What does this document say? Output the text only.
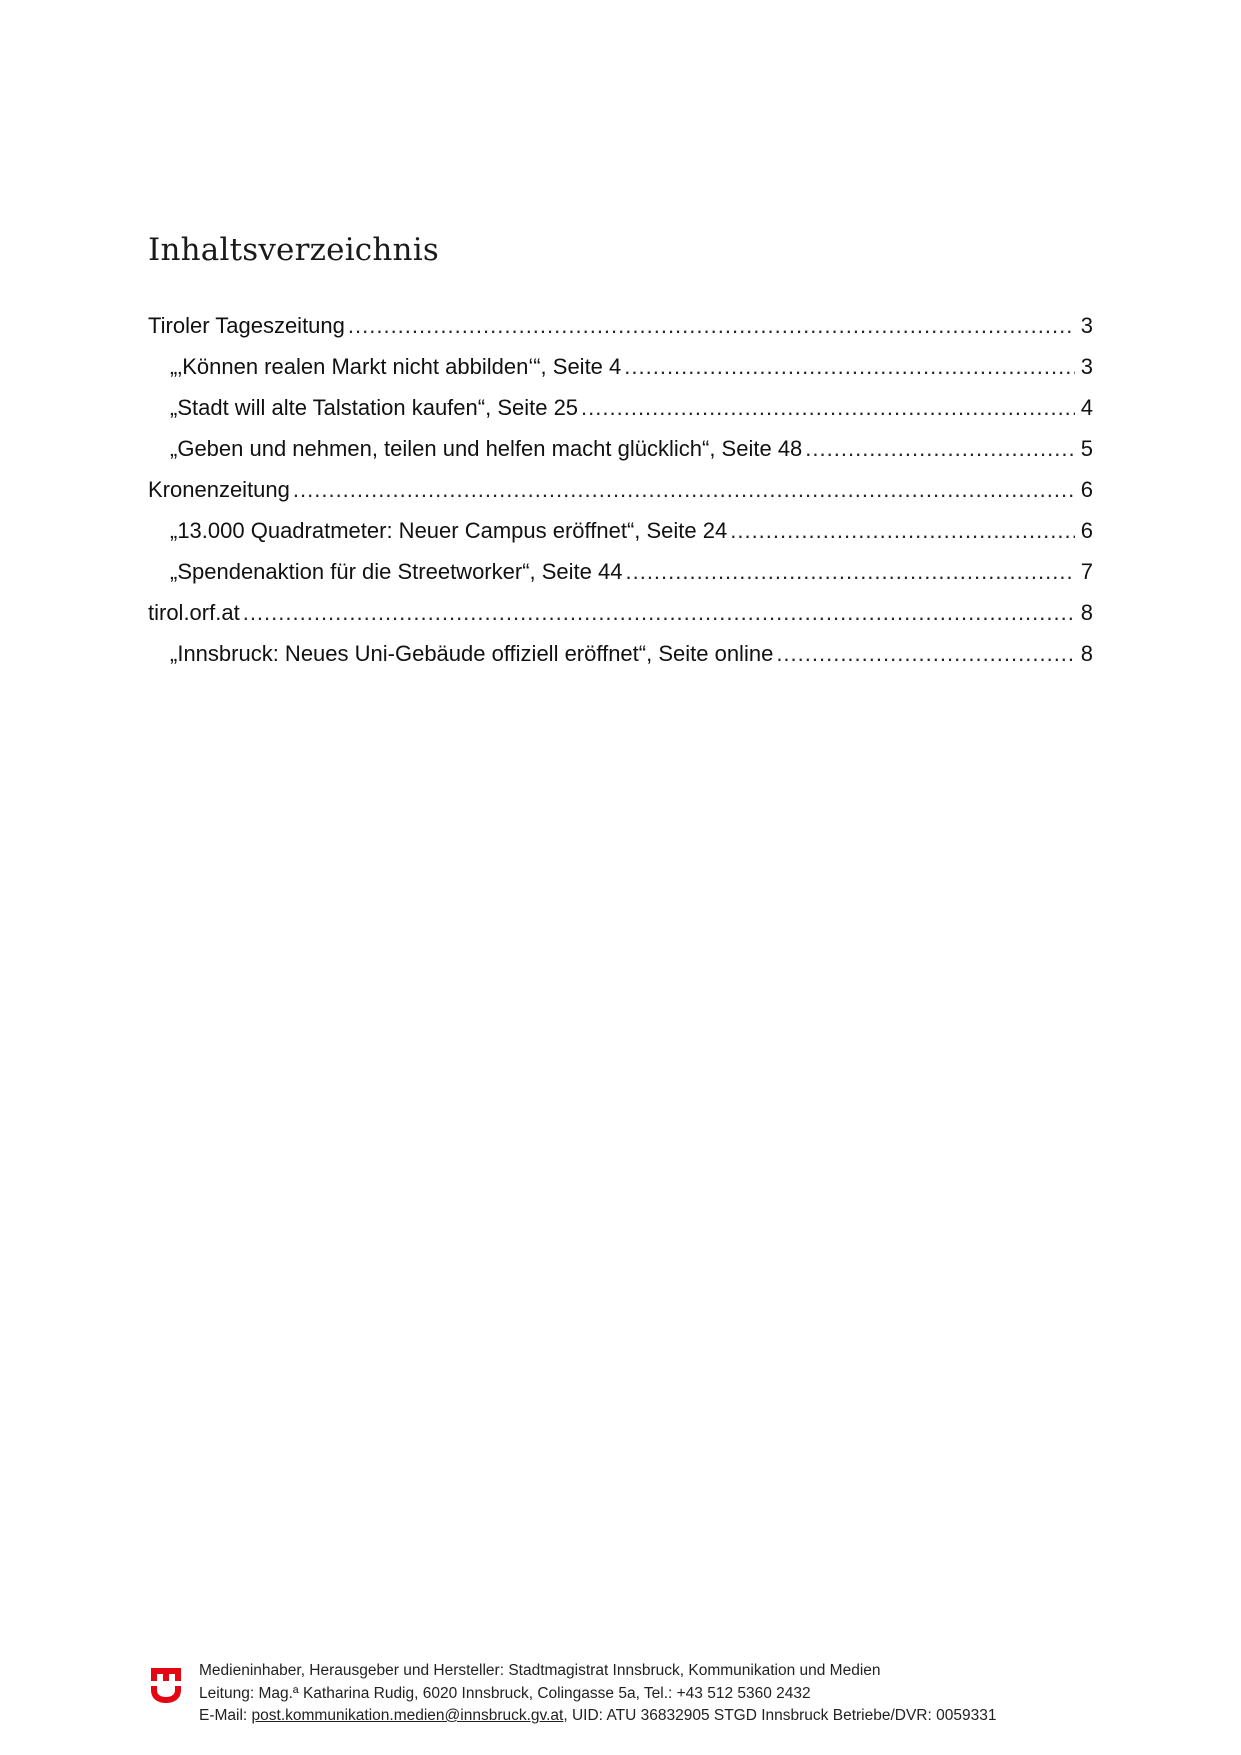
Inhaltsverzeichnis
Tiroler Tageszeitung .....	3
„‚Können realen Markt nicht abbilden‘“, Seite 4 .....	3
„Stadt will alte Talstation kaufen“, Seite 25 .....	4
„Geben und nehmen, teilen und helfen macht glücklich“, Seite 48 .....	5
Kronenzeitung .....	6
„13.000 Quadratmeter: Neuer Campus eröffnet“, Seite 24 .....	6
„Spendenaktion für die Streetworker“, Seite 44 .....	7
tirol.orf.at .....	8
„Innsbruck: Neues Uni-Gebäude offiziell eröffnet“, Seite online .....	8
Medieninhaber, Herausgeber und Hersteller: Stadtmagistrat Innsbruck, Kommunikation und Medien
Leitung: Mag.ª Katharina Rudig, 6020 Innsbruck, Colingasse 5a, Tel.: +43 512 5360 2432
E-Mail: post.kommunikation.medien@innsbruck.gv.at, UID: ATU 36832905 STGD Innsbruck Betriebe/DVR: 0059331
